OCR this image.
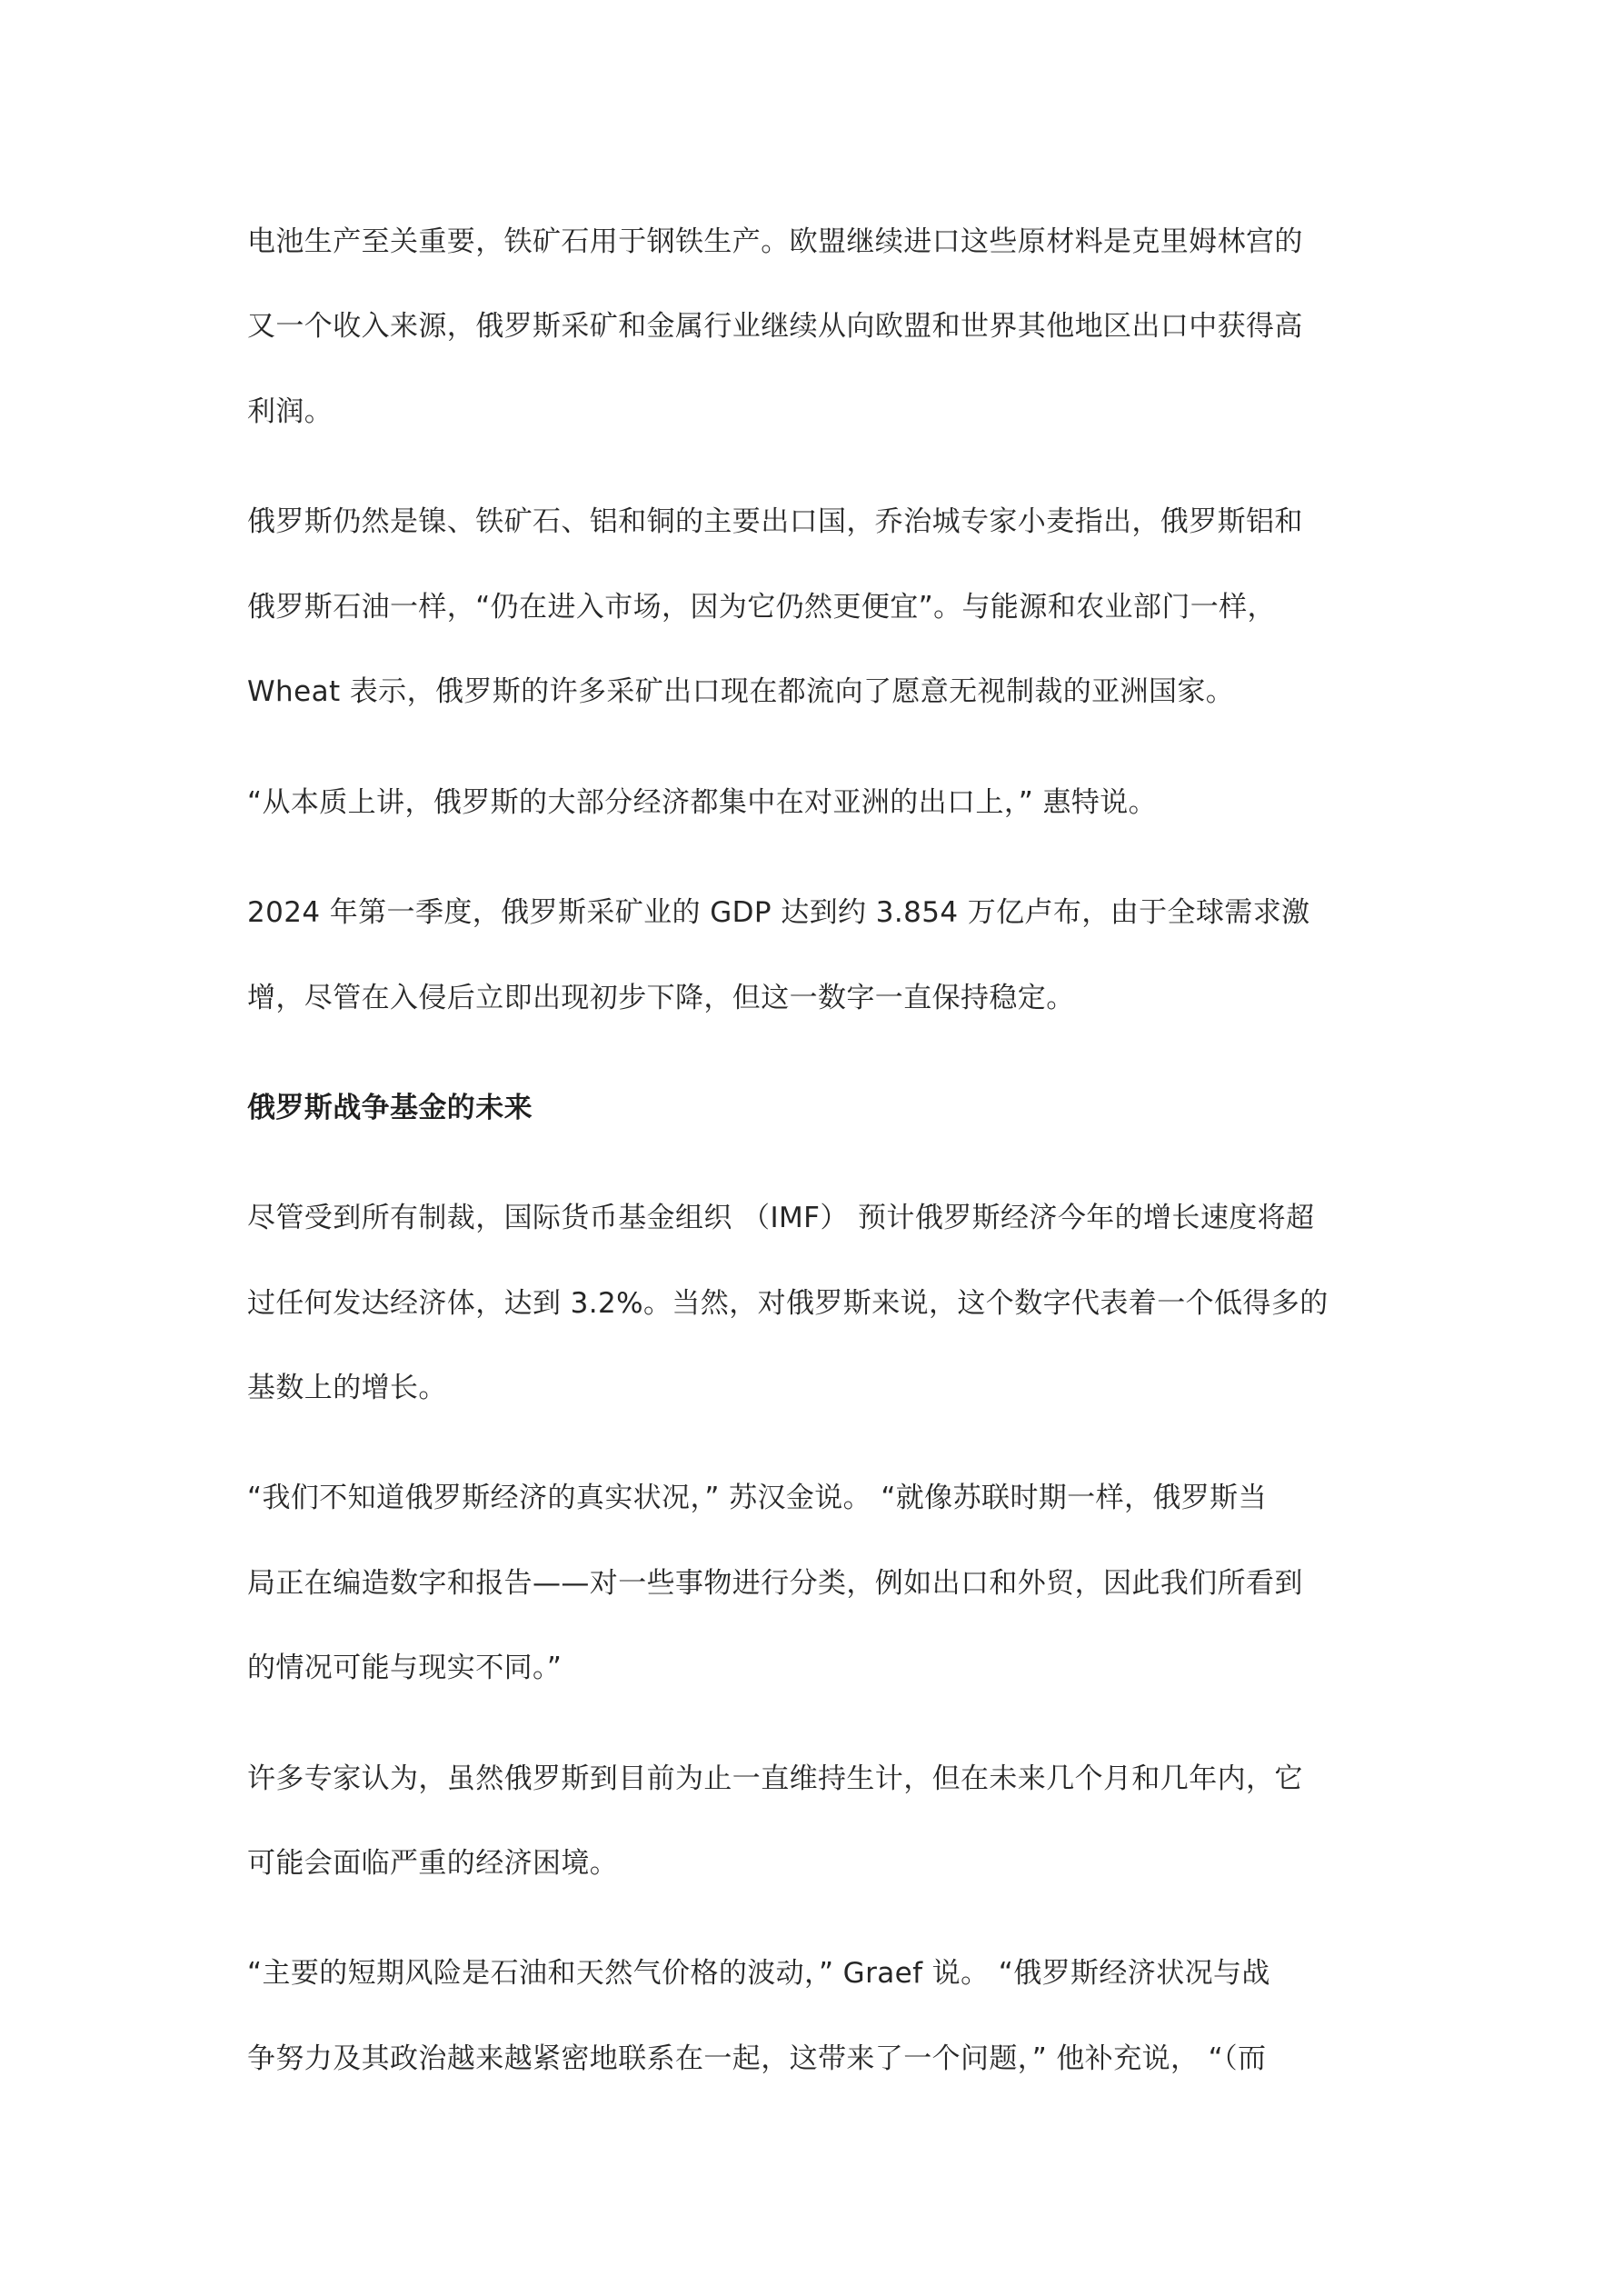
电池生产至关重要，铁矿石用于钢铁生产。欧盟继续进口这些原材料是克里姆林宫的

又一个收入来源，俄罗斯采矿和金属行业继续从向欧盟和世界其他地区出口中获得高

利润。

俄罗斯仍然是镍、铁矿石、铝和铜的主要出口国，乔治城专家小麦指出，俄罗斯铝和

俄罗斯石油一样，“仍在进入市场，因为它仍然更便宜”。与能源和农业部门一样，

Wheat 表示，俄罗斯的许多采矿出口现在都流向了愿意无视制裁的亚洲国家。

“从本质上讲，俄罗斯的大部分经济都集中在对亚洲的出口上，” 惠特说。

2024 年第一季度，俄罗斯采矿业的 GDP 达到约 3.854 万亿卢布，由于全球需求激

增，尽管在入侵后立即出现初步下降，但这一数字一直保持稳定。

俄罗斯战争基金的未来

尽管受到所有制裁，国际货币基金组织 （IMF） 预计俄罗斯经济今年的增长速度将超

过任何发达经济体，达到 3.2%。当然，对俄罗斯来说，这个数字代表着一个低得多的

基数上的增长。

“我们不知道俄罗斯经济的真实状况，” 苏汉金说。 “就像苏联时期一样，俄罗斯当

局正在编造数字和报告——对一些事物进行分类，例如出口和外贸，因此我们所看到

的情况可能与现实不同。”

许多专家认为，虽然俄罗斯到目前为止一直维持生计，但在未来几个月和几年内，它

可能会面临严重的经济困境。

“主要的短期风险是石油和天然气价格的波动，” Graef 说。 “俄罗斯经济状况与战

争努力及其政治越来越紧密地联系在一起，这带来了一个问题，” 他补充说， “（而
